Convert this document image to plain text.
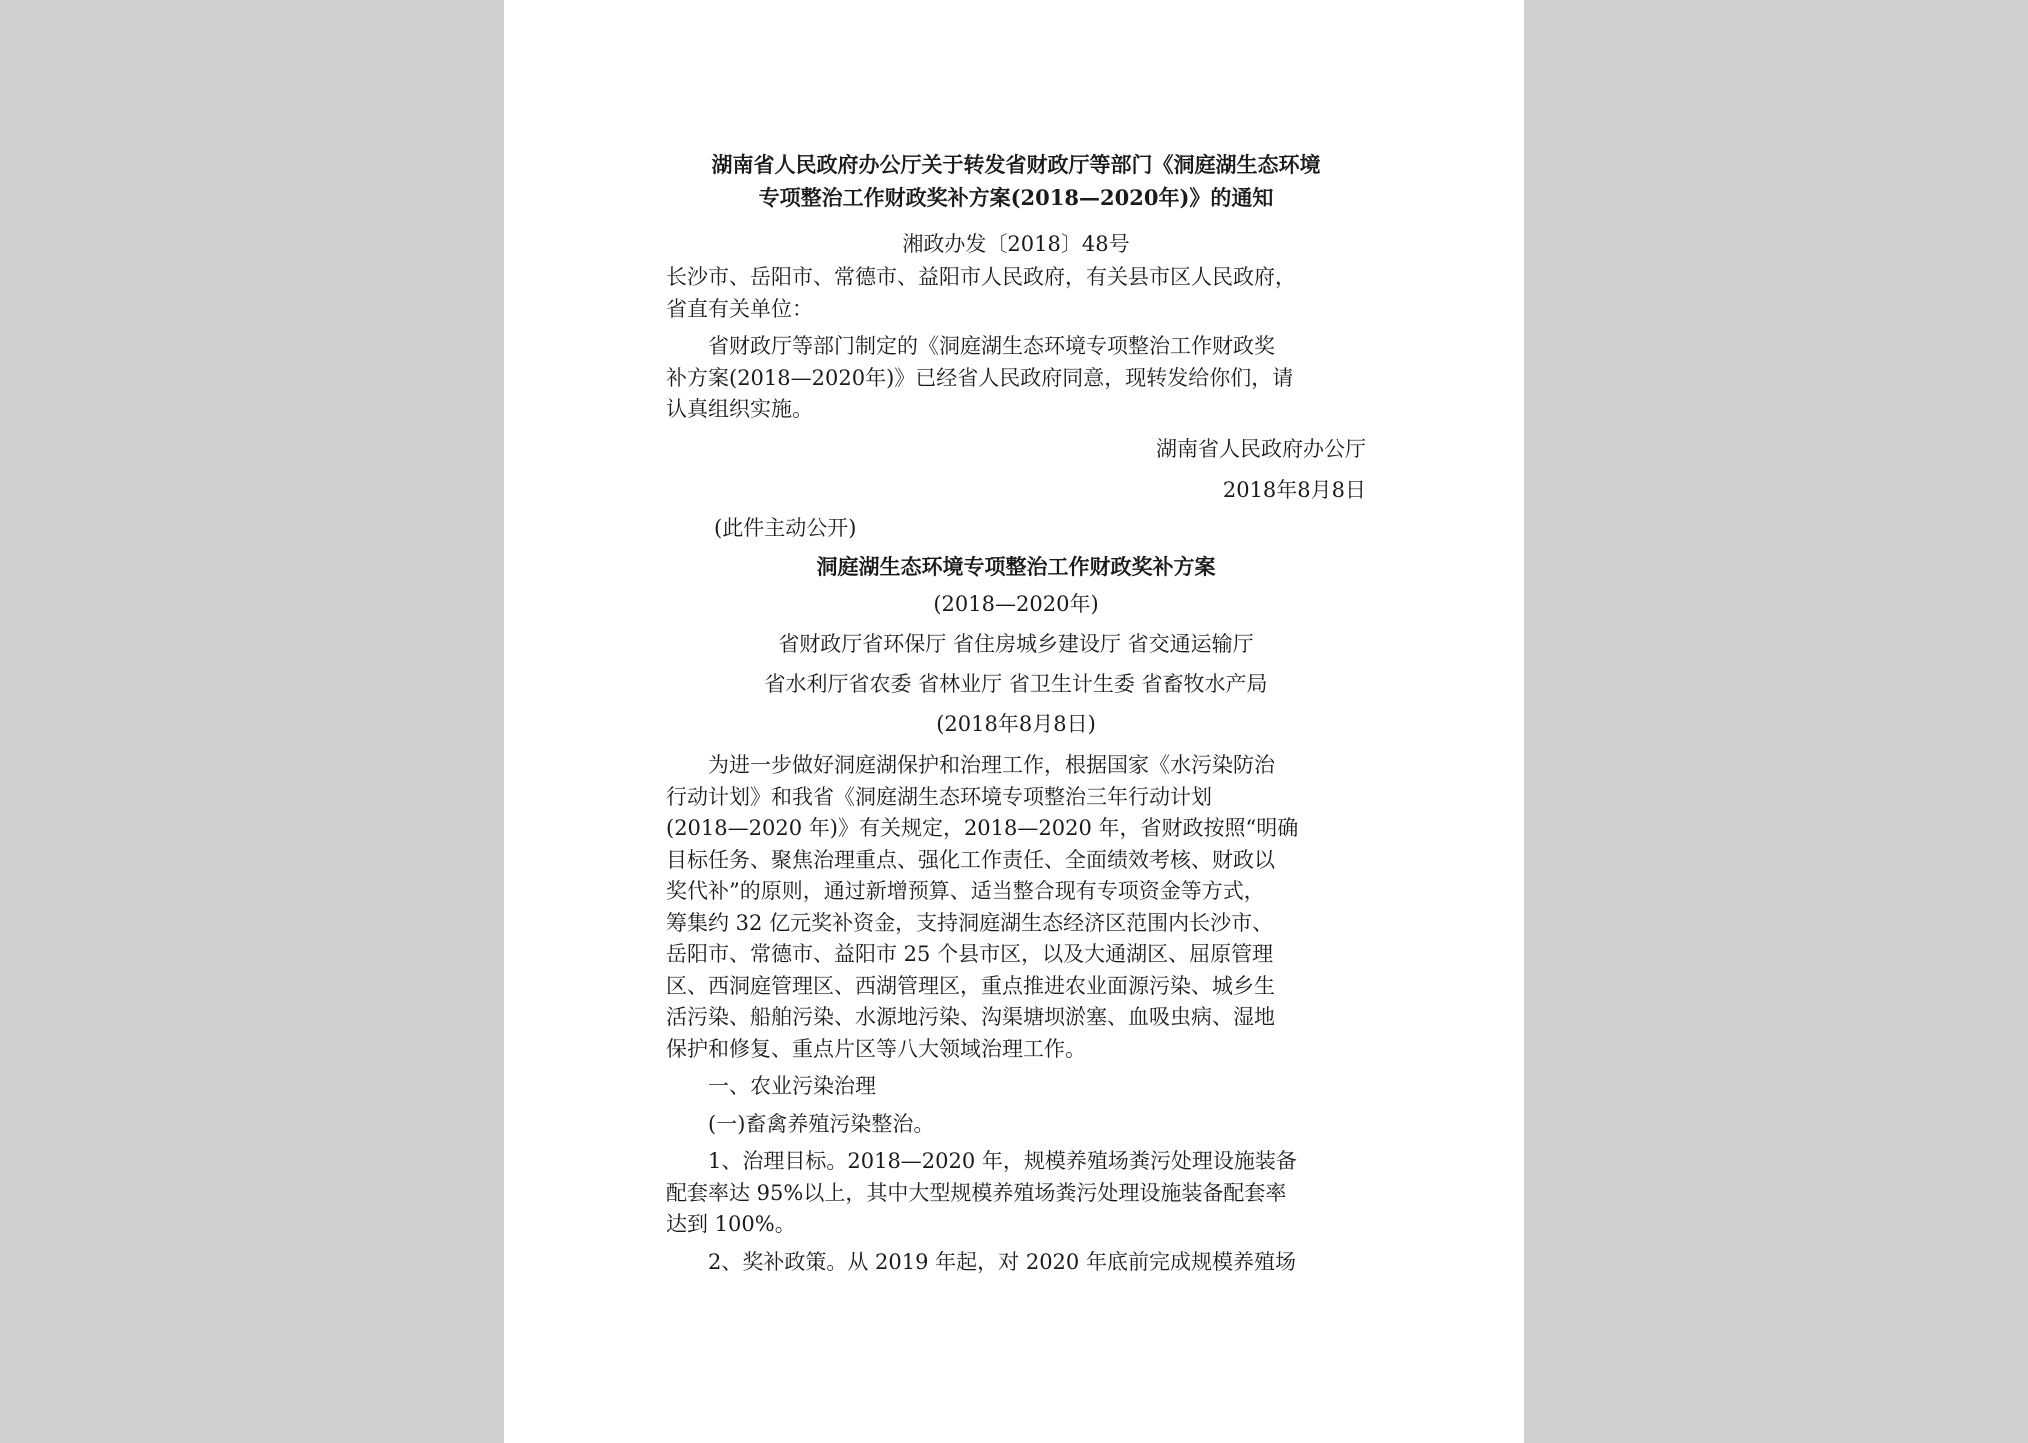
湖南省人民政府办公厅关于转发省财政厅等部门《洞庭湖生态环境
专项整治工作财政奖补方案(2018—2020年)》的通知
湘政办发〔2018〕48号
长沙市、岳阳市、常德市、益阳市人民政府，有关县市区人民政府，
省直有关单位：
省财政厅等部门制定的《洞庭湖生态环境专项整治工作财政奖
补方案(2018—2020年)》已经省人民政府同意，现转发给你们，请
认真组织实施。
湖南省人民政府办公厅
2018年8月8日
(此件主动公开)
洞庭湖生态环境专项整治工作财政奖补方案
(2018—2020年)
省财政厅省环保厅 省住房城乡建设厅 省交通运输厅
省水利厅省农委 省林业厅 省卫生计生委 省畜牧水产局
(2018年8月8日)
为进一步做好洞庭湖保护和治理工作，根据国家《水污染防治
行动计划》和我省《洞庭湖生态环境专项整治三年行动计划
(2018—2020 年)》有关规定，2018—2020 年，省财政按照“明确
目标任务、聚焦治理重点、强化工作责任、全面绩效考核、财政以
奖代补”的原则，通过新增预算、适当整合现有专项资金等方式，
筹集约 32 亿元奖补资金，支持洞庭湖生态经济区范围内长沙市、
岳阳市、常德市、益阳市 25 个县市区，以及大通湖区、屈原管理
区、西洞庭管理区、西湖管理区，重点推进农业面源污染、城乡生
活污染、船舶污染、水源地污染、沟渠塘坝淤塞、血吸虫病、湿地
保护和修复、重点片区等八大领域治理工作。
一、农业污染治理
(一)畜禽养殖污染整治。
1、治理目标。2018—2020 年，规模养殖场粪污处理设施装备
配套率达 95%以上，其中大型规模养殖场粪污处理设施装备配套率
达到 100%。
2、奖补政策。从 2019 年起，对 2020 年底前完成规模养殖场
